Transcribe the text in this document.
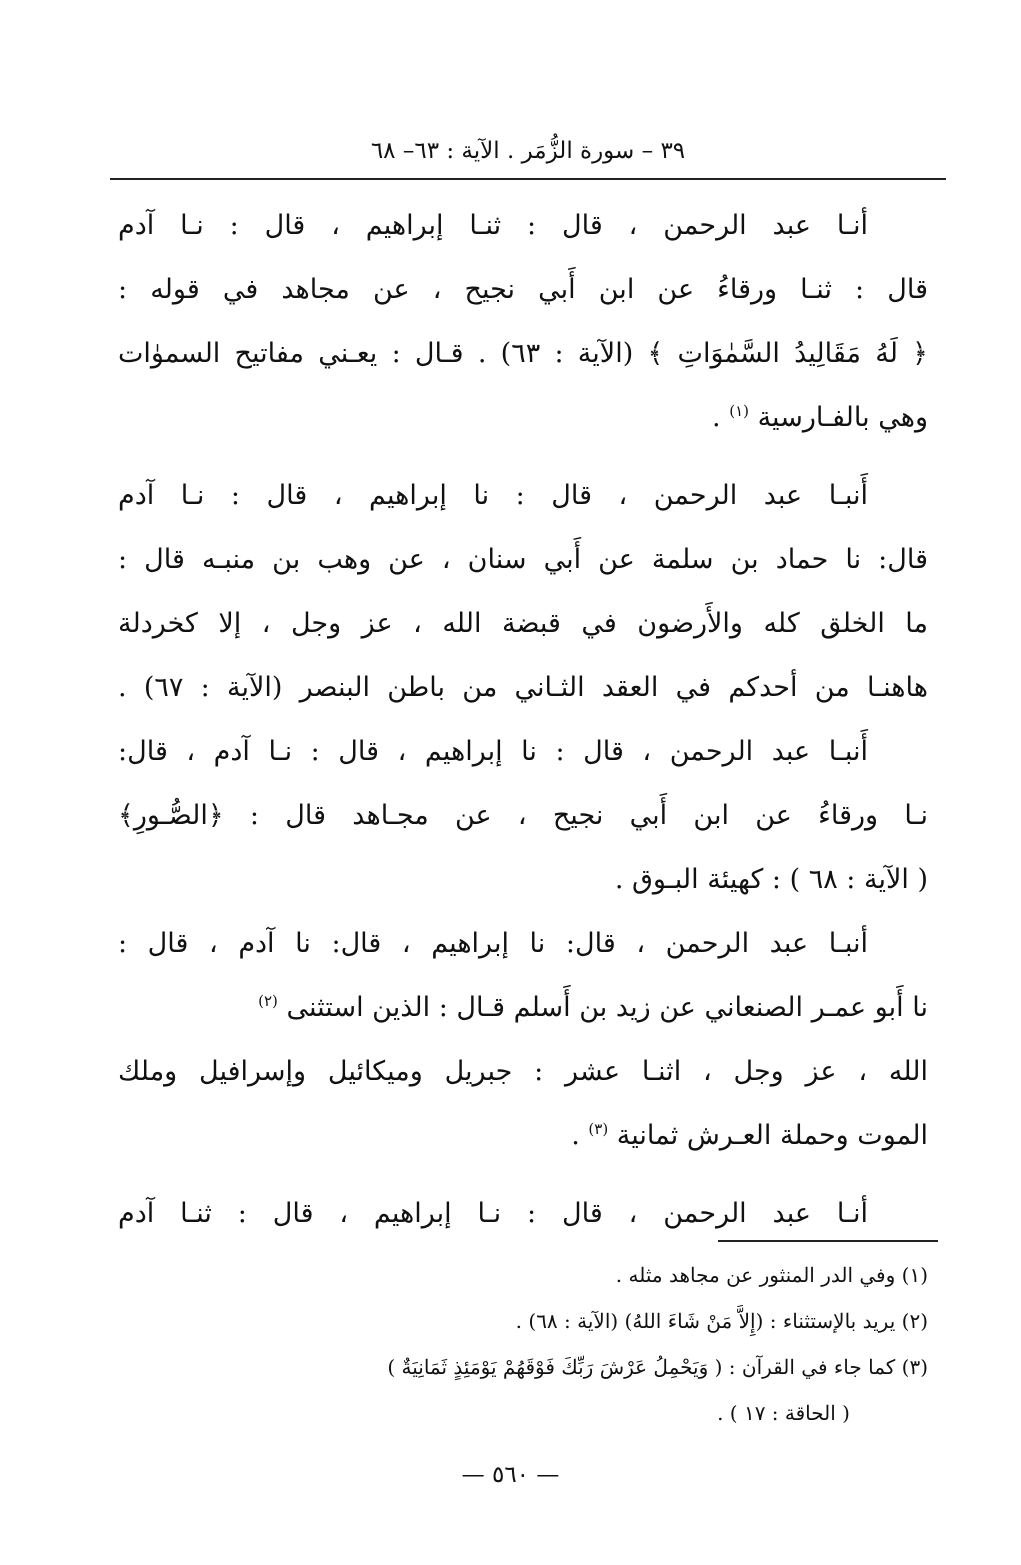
٣٩ – سورة الزُّمَر . الآية : ٦٣– ٦٨
أنـا عبد الرحمن ، قال : ثنـا إبراهيم ، قال : نـا آدم
قال : ثنـا ورقاءُ عن ابن أَبي نجيح ، عن مجاهد في قوله :
﴿ لَهُ مَقَالِيدُ السَّمٰوَاتِ ﴾ (الآية : ٦٣) . قـال : يعـني مفاتيح السموٰات
وهي بالفـارسية $^{(١)}$ .
أَنبـا عبد الرحمن ، قال : نا إبراهيم ، قال : نـا آدم
قال: نا حماد بن سلمة عن أَبي سنان ، عن وهب بن منبـه قال :
ما الخلق كله والأَرضون في قبضة الله ، عز وجل ، إلا كخردلة
هاهنـا من أحدكم في العقد الثـاني من باطن البنصر (الآية : ٦٧) .
أَنبـا عبد الرحمن ، قال : نا إبراهيم ، قال : نـا آدم ، قال:
نـا ورقاءُ عن ابن أَبي نجيح ، عن مجـاهد قال : ﴿الصُّـورِ﴾
( الآية : ٦٨ ) : كهيئة البـوق .
أنبـا عبد الرحمن ، قال: نا إبراهيم ، قال: نا آدم ، قال :
نا أَبو عمـر الصنعاني عن زيد بن أَسلم قـال : الذين استثنى $^{(٢)}$
الله ، عز وجل ، اثنـا عشر : جبريل وميكائيل وإسرافيل وملك
الموت وحملة العـرش ثمانية $^{(٣)}$ .
أنـا عبد الرحمن ، قال : نـا إبراهيم ، قال : ثنـا آدم
(١) وفي الدر المنثور عن مجاهد مثله .
(٢) يريد بالإستثناء : (إِلاَّ مَنْ شَاءَ اللهُ) (الآية : ٦٨) .
(٣) كما جاء في القرآن : ( وَيَحْمِلُ عَرْشَ رَبِّكَ فَوْقَهُمْ يَوْمَئِذٍ ثَمَانِيَةٌ )
( الحاقة : ١٧ ) .
— ٥٦٠ —
